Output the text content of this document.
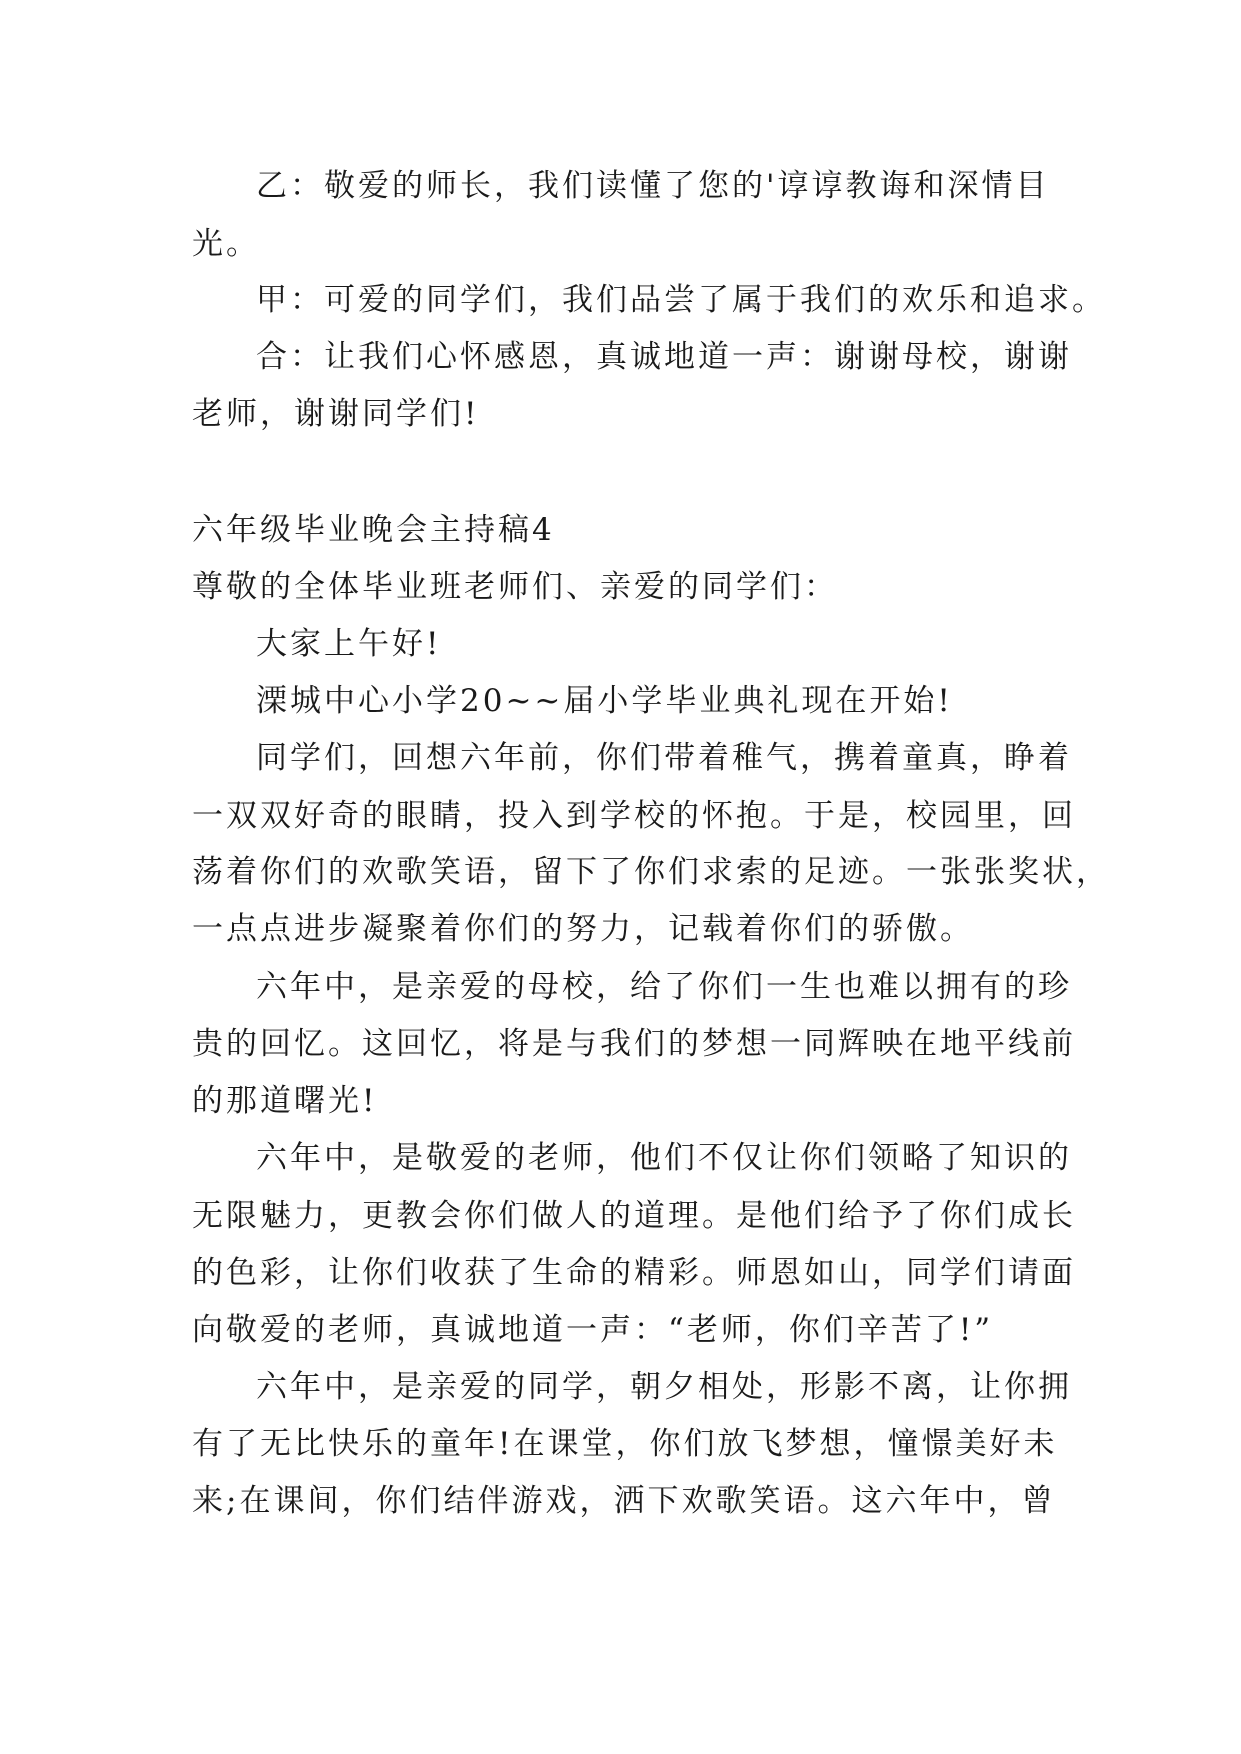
乙：敬爱的师长，我们读懂了您的'谆谆教诲和深情目
光。
甲：可爱的同学们，我们品尝了属于我们的欢乐和追求。
合：让我们心怀感恩，真诚地道一声：谢谢母校，谢谢
老师，谢谢同学们!
六年级毕业晚会主持稿4
尊敬的全体毕业班老师们、亲爱的同学们：
大家上午好!
溧城中心小学20~~届小学毕业典礼现在开始!
同学们，回想六年前，你们带着稚气，携着童真，睁着
一双双好奇的眼睛，投入到学校的怀抱。于是，校园里，回
荡着你们的欢歌笑语，留下了你们求索的足迹。一张张奖状，
一点点进步凝聚着你们的努力，记载着你们的骄傲。
六年中，是亲爱的母校，给了你们一生也难以拥有的珍
贵的回忆。这回忆，将是与我们的梦想一同辉映在地平线前
的那道曙光!
六年中，是敬爱的老师，他们不仅让你们领略了知识的
无限魅力，更教会你们做人的道理。是他们给予了你们成长
的色彩，让你们收获了生命的精彩。师恩如山，同学们请面
向敬爱的老师，真诚地道一声：“老师，你们辛苦了!”
六年中，是亲爱的同学，朝夕相处，形影不离，让你拥
有了无比快乐的童年!在课堂，你们放飞梦想，憧憬美好未
来;在课间，你们结伴游戏，洒下欢歌笑语。这六年中，曾
